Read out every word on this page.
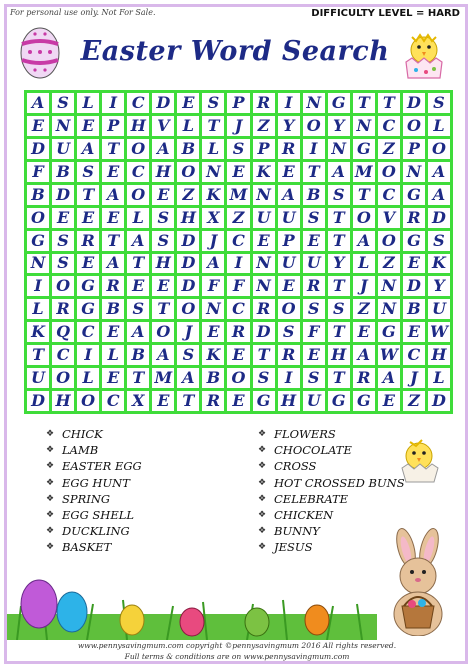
For personal use only. Not For Sale.	DIFFICULTY LEVEL = HARD
Easter Word Search
A S L I C D E S P R I N G T T D S
E N E P H V L T J Z Y O Y N C O L
D U A T O A B L S P R I N G Z P O
F B S E C H O N E K E T A M O N A
B D T A O E Z K M N A B S T C G A
O E E E L S H X Z U U S T O V R D
G S R T A S D J C E P E T A O G S
N S E A T H D A I N U U Y L Z E K
I O G R E E D F F N E R T J N D Y
L R G B S T O N C R O S S Z N B U
K Q C E A O J E R D S F T E G E W
T C I L B A S K E T R E H A W C H
U O L E T M A B O S I S T R A J L
D H O C X E T R E G H U G G E Z D
❖ CHICK
❖ LAMB
❖ EASTER EGG
❖ EGG HUNT
❖ SPRING
❖ EGG SHELL
❖ DUCKLING
❖ BASKET
❖ FLOWERS
❖ CHOCOLATE
❖ CROSS
❖ HOT CROSSED BUNS
❖ CELEBRATE
❖ CHICKEN
❖ BUNNY
❖ JESUS
www.pennysavingmum.com copyright ©pennysavingmum 2016 All rights reserved.
Full terms & conditions are on www.pennysavingmum.com
